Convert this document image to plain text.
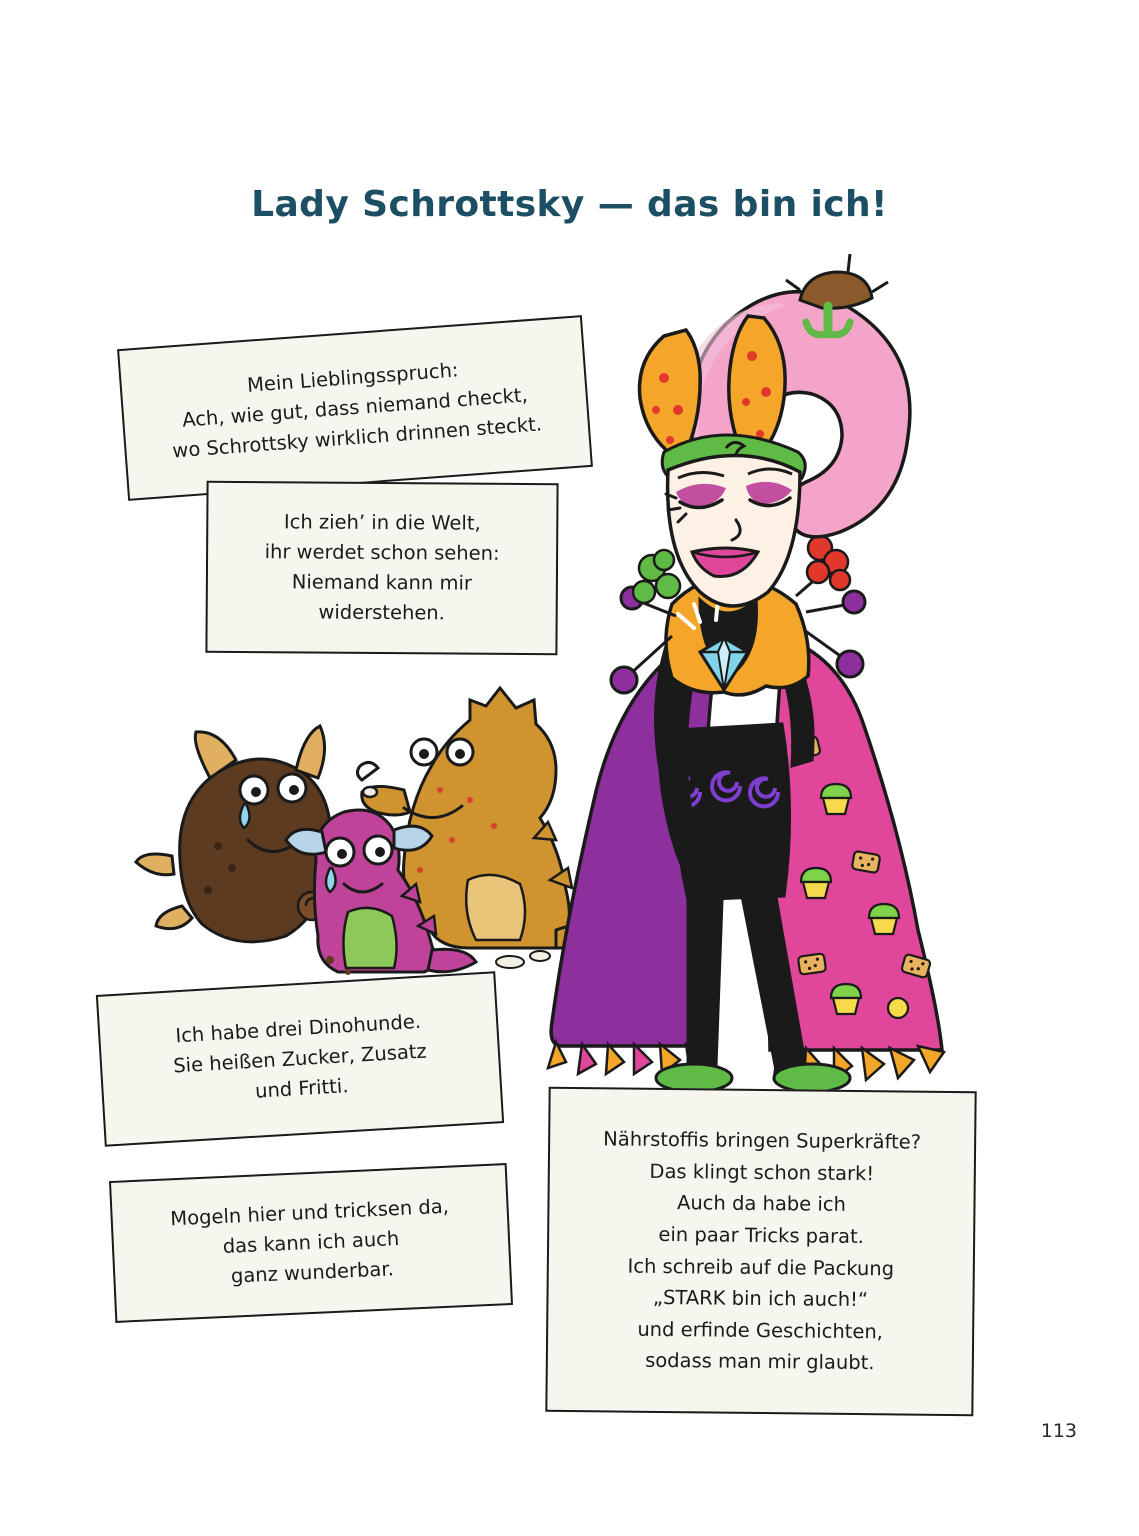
Lady Schrottsky — das bin ich!
Mein Lieblingsspruch:
Ach, wie gut, dass niemand checkt,
wo Schrottsky wirklich drinnen steckt.
Ich zieh’ in die Welt,
ihr werdet schon sehen:
Niemand kann mir
widerstehen.
Ich habe drei Dinohunde.
Sie heißen Zucker, Zusatz
und Fritti.
Mogeln hier und tricksen da,
das kann ich auch
ganz wunderbar.
Nährstoffis bringen Superkräfte?
Das klingt schon stark!
Auch da habe ich
ein paar Tricks parat.
Ich schreib auf die Packung
„STARK bin ich auch!“
und erfinde Geschichten,
sodass man mir glaubt.
113
